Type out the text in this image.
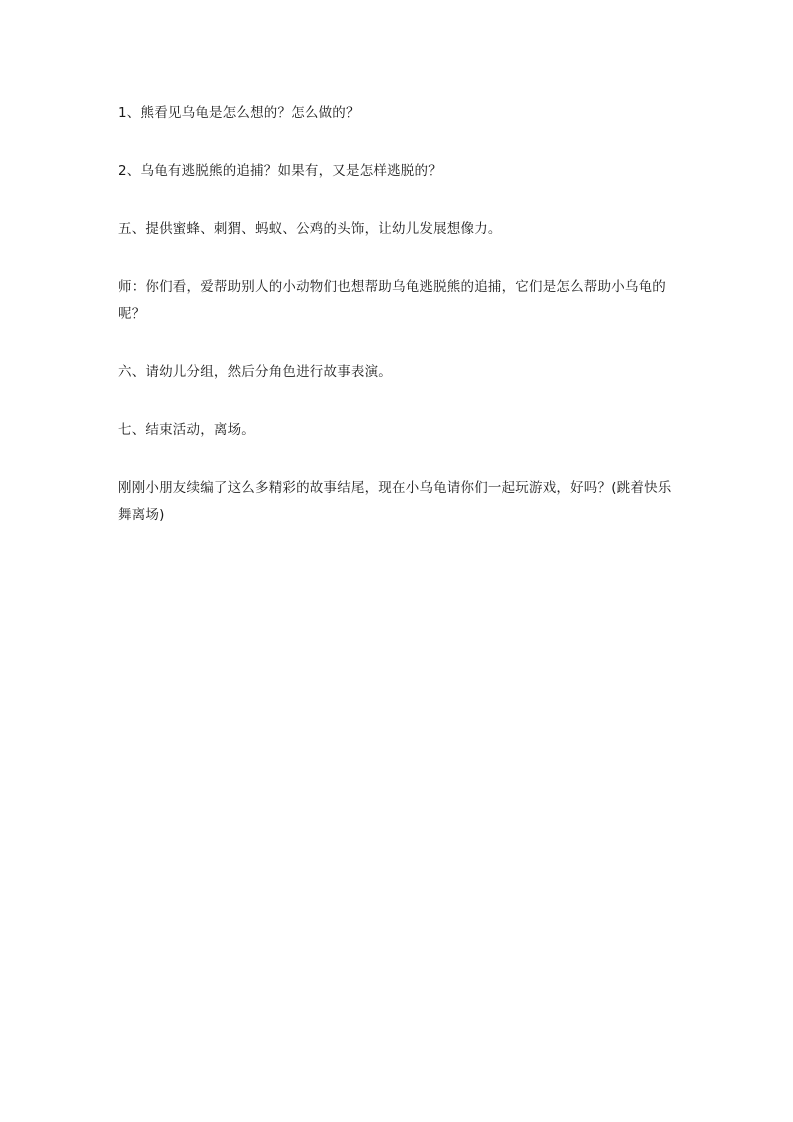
1、熊看见乌龟是怎么想的？怎么做的？

2、乌龟有逃脱熊的追捕？如果有，又是怎样逃脱的？

五、提供蜜蜂、刺猬、蚂蚁、公鸡的头饰，让幼儿发展想像力。

师：你们看，爱帮助别人的小动物们也想帮助乌龟逃脱熊的追捕，它们是怎么帮助小乌龟的呢？

六、请幼儿分组，然后分角色进行故事表演。

七、结束活动，离场。

刚刚小朋友续编了这么多精彩的故事结尾，现在小乌龟请你们一起玩游戏，好吗？(跳着快乐舞离场)
